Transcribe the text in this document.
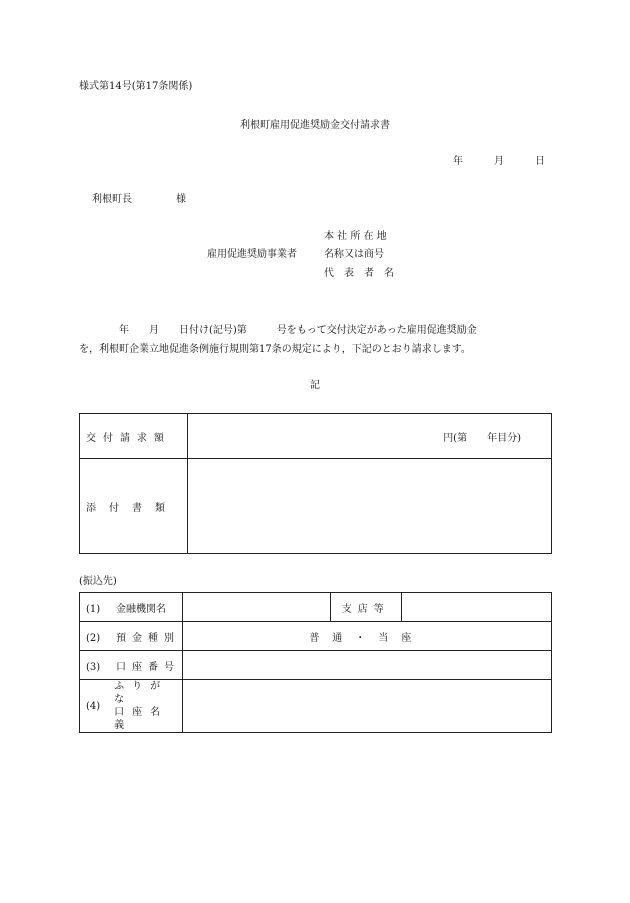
様式第14号(第17条関係)
利根町雇用促進奨励金交付請求書
年	月	日
利根町長	様
本 社 所 在 地
雇用促進奨励事業者	名称又は商号
代　表　者　名
　　　　年　　月　　日付け(記号)第　　　号をもって交付決定があった雇用促進奨励金
を，利根町企業立地促進条例施行規則第17条の規定により，下記のとおり請求します。
記
交付請求額	円(第　　年目分)
添付書類	
(振込先)
(1) 金融機関名		支店等	
(2) 預金種別	普通・当座		
(3) 口座番号			

(4)
ふりがな
口座名義			
